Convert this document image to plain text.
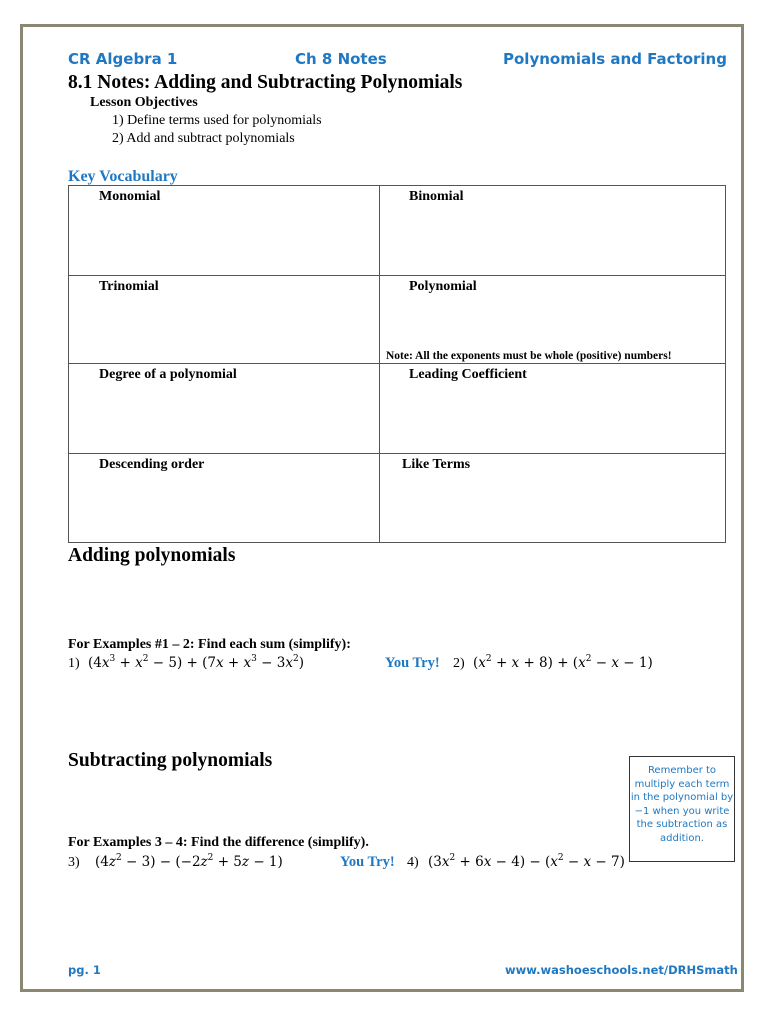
CR Algebra 1	Ch 8 Notes	Polynomials and Factoring
8.1 Notes: Adding and Subtracting Polynomials
Lesson Objectives
1) Define terms used for polynomials
2) Add and subtract polynomials
Key Vocabulary
Monomial	Binomial

Trinomial	Polynomial
Note: All the exponents must be whole (positive) numbers!

Degree of a polynomial	Leading Coefficient

Descending order	Like Terms
Adding polynomials
For Examples #1 – 2: Find each sum (simplify):
1) $(4x^3 + x^2 - 5) + (7x + x^3 - 3x^2)$	You Try! 2) $(x^2 + x + 8) + (x^2 - x - 1)$
Subtracting polynomials
For Examples 3 – 4: Find the difference (simplify).
3) $(4z^2 - 3) - (-2z^2 + 5z - 1)$	You Try! 4) $(3x^2 + 6x - 4) - (x^2 - x - 7)$
Remember to multiply each term in the polynomial by −1 when you write the subtraction as addition.
pg. 1	www.washoeschools.net/DRHSmath
